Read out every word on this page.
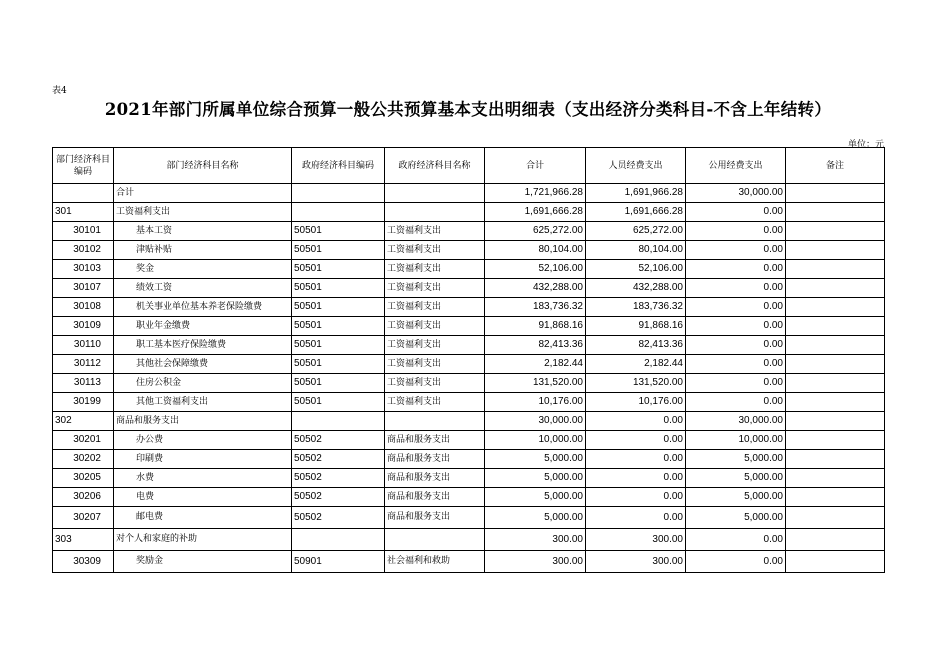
表4
2021年部门所属单位综合预算一般公共预算基本支出明细表（支出经济分类科目-不含上年结转）
单位：元
部门经济科目编码	部门经济科目名称	政府经济科目编码	政府经济科目名称	合计	人员经费支出	公用经费支出	备注
	合计			1,721,966.28	1,691,966.28	30,000.00	
301	工资福利支出			1,691,666.28	1,691,666.28	0.00	
30101	基本工资	50501	工资福利支出	625,272.00	625,272.00	0.00	
30102	津贴补贴	50501	工资福利支出	80,104.00	80,104.00	0.00	
30103	奖金	50501	工资福利支出	52,106.00	52,106.00	0.00	
30107	绩效工资	50501	工资福利支出	432,288.00	432,288.00	0.00	
30108	机关事业单位基本养老保险缴费	50501	工资福利支出	183,736.32	183,736.32	0.00	
30109	职业年金缴费	50501	工资福利支出	91,868.16	91,868.16	0.00	
30110	职工基本医疗保险缴费	50501	工资福利支出	82,413.36	82,413.36	0.00	
30112	其他社会保障缴费	50501	工资福利支出	2,182.44	2,182.44	0.00	
30113	住房公积金	50501	工资福利支出	131,520.00	131,520.00	0.00	
30199	其他工资福利支出	50501	工资福利支出	10,176.00	10,176.00	0.00	
302	商品和服务支出			30,000.00	0.00	30,000.00	
30201	办公费	50502	商品和服务支出	10,000.00	0.00	10,000.00	
30202	印刷费	50502	商品和服务支出	5,000.00	0.00	5,000.00	
30205	水费	50502	商品和服务支出	5,000.00	0.00	5,000.00	
30206	电费	50502	商品和服务支出	5,000.00	0.00	5,000.00	
30207	邮电费	50502	商品和服务支出	5,000.00	0.00	5,000.00	
303	对个人和家庭的补助			300.00	300.00	0.00	
30309	奖励金	50901	社会福利和救助	300.00	300.00	0.00	
